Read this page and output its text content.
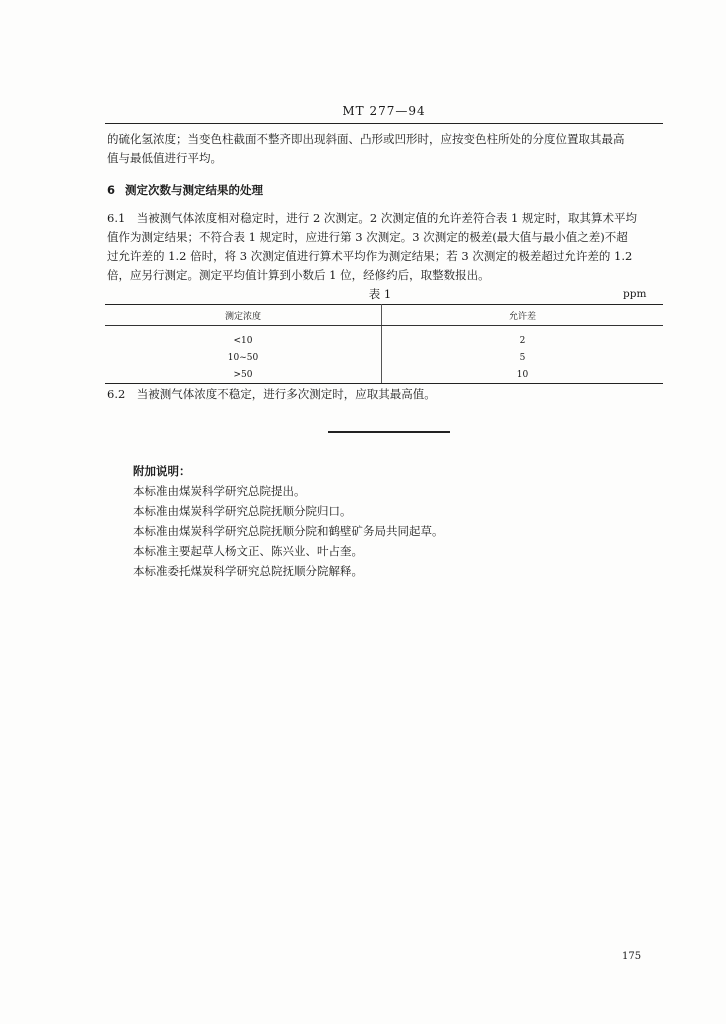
MT 277—94

的硫化氢浓度；当变色柱截面不整齐即出现斜面、凸形或凹形时，应按变色柱所处的分度位置取其最高
值与最低值进行平均。

6 测定次数与测定结果的处理

6.1　当被测气体浓度相对稳定时，进行 2 次测定。2 次测定值的允许差符合表 1 规定时，取其算术平均
值作为测定结果；不符合表 1 规定时，应进行第 3 次测定。3 次测定的极差(最大值与最小值之差)不超
过允许差的 1.2 倍时，将 3 次测定值进行算术平均作为测定结果；若 3 次测定的极差超过允许差的 1.2
倍，应另行测定。测定平均值计算到小数后 1 位，经修约后，取整数报出。

表 1	ppm
测定浓度	允许差
<10	2
10~50	5
>50	10
6.2　当被测气体浓度不稳定，进行多次测定时，应取其最高值。
附加说明：
本标准由煤炭科学研究总院提出。
本标准由煤炭科学研究总院抚顺分院归口。
本标准由煤炭科学研究总院抚顺分院和鹤壁矿务局共同起草。
本标准主要起草人杨文正、陈兴业、叶占奎。
本标准委托煤炭科学研究总院抚顺分院解释。
175
